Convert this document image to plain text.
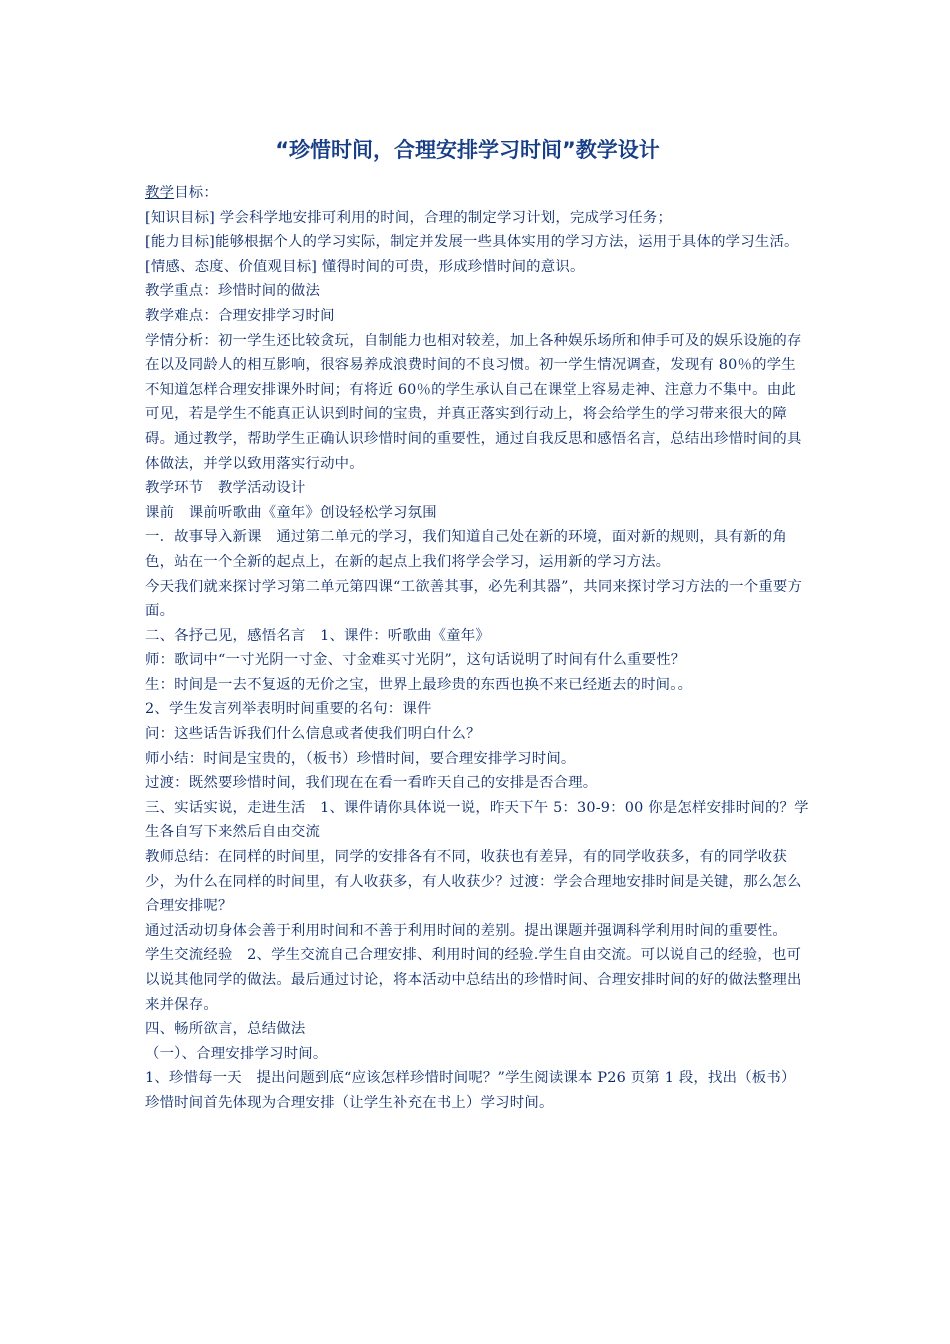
“珍惜时间，合理安排学习时间”教学设计

教学目标：

[知识目标] 学会科学地安排可利用的时间，合理的制定学习计划，完成学习任务；

[能力目标]能够根据个人的学习实际，制定并发展一些具体实用的学习方法，运用于具体的学习生活。

[情感、态度、价值观目标] 懂得时间的可贵，形成珍惜时间的意识。

教学重点：珍惜时间的做法

教学难点：合理安排学习时间

学情分析：初一学生还比较贪玩，自制能力也相对较差，加上各种娱乐场所和伸手可及的娱乐设施的存在以及同龄人的相互影响，很容易养成浪费时间的不良习惯。初一学生情况调查，发现有 80％的学生不知道怎样合理安排课外时间；有将近 60％的学生承认自己在课堂上容易走神、注意力不集中。由此可见，若是学生不能真正认识到时间的宝贵，并真正落实到行动上，将会给学生的学习带来很大的障碍。通过教学，帮助学生正确认识珍惜时间的重要性，通过自我反思和感悟名言，总结出珍惜时间的具体做法，并学以致用落实行动中。

教学环节　教学活动设计

课前　课前听歌曲《童年》创设轻松学习氛围

一．故事导入新课　通过第二单元的学习，我们知道自己处在新的环境，面对新的规则，具有新的角色，站在一个全新的起点上，在新的起点上我们将学会学习，运用新的学习方法。

今天我们就来探讨学习第二单元第四课“工欲善其事，必先利其器”，共同来探讨学习方法的一个重要方面。

二、各抒己见，感悟名言　1、课件：听歌曲《童年》

师：歌词中“一寸光阴一寸金、寸金难买寸光阴”，这句话说明了时间有什么重要性？

生：时间是一去不复返的无价之宝，世界上最珍贵的东西也换不来已经逝去的时间。。

2、学生发言列举表明时间重要的名句：课件

问：这些话告诉我们什么信息或者使我们明白什么？

师小结：时间是宝贵的，（板书）珍惜时间，要合理安排学习时间。

过渡：既然要珍惜时间，我们现在在看一看昨天自己的安排是否合理。

三、实话实说，走进生活　1、课件请你具体说一说，昨天下午 5：30-9：00 你是怎样安排时间的？学生各自写下来然后自由交流

教师总结：在同样的时间里，同学的安排各有不同，收获也有差异，有的同学收获多，有的同学收获少，为什么在同样的时间里，有人收获多，有人收获少？过渡：学会合理地安排时间是关键，那么怎么合理安排呢？

通过活动切身体会善于利用时间和不善于利用时间的差别。提出课题并强调科学利用时间的重要性。

学生交流经验　2、学生交流自己合理安排、利用时间的经验.学生自由交流。可以说自己的经验，也可以说其他同学的做法。最后通过讨论，将本活动中总结出的珍惜时间、合理安排时间的好的做法整理出来并保存。

四、畅所欲言，总结做法

（一）、合理安排学习时间。

1、珍惜每一天　提出问题到底“应该怎样珍惜时间呢？”学生阅读课本 P26 页第 1 段，找出（板书）珍惜时间首先体现为合理安排（让学生补充在书上）学习时间。
